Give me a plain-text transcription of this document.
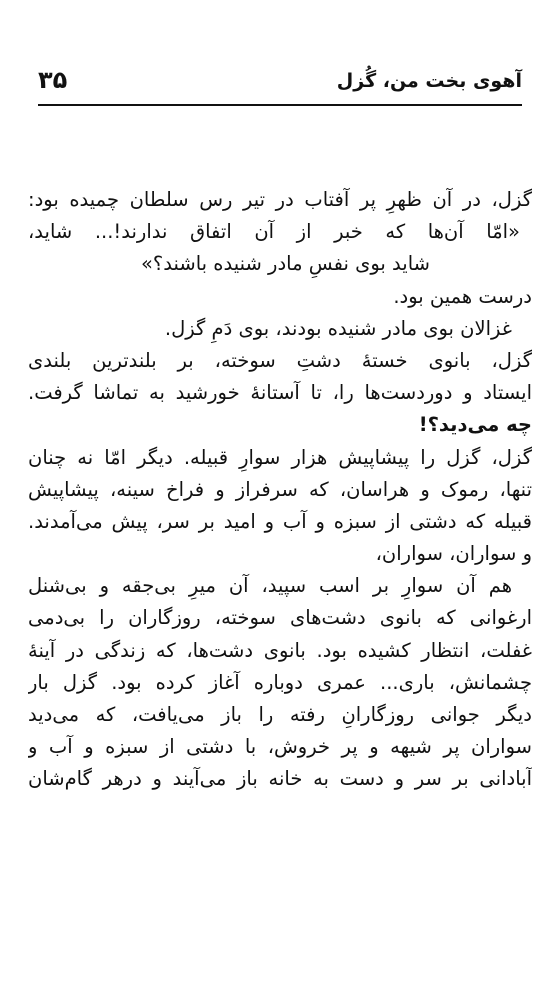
آهوی بخت من، گُزل
۳۵
گزل، در آن ظهرِ پر آفتاب در تیر رس سلطان چمیده بود:
«امّا آن‌ها که خبر از آن اتفاق ندارند!... شاید،
شاید بوی نفسِ مادر شنیده باشند؟»
درست همین بود.
غزالان بوی مادر شنیده بودند، بوی دَمِ گزل.
گزل، بانوی خستهٔ دشتِ سوخته، بر بلندترین بلندی
ایستاد و دوردست‌ها را، تا آستانهٔ خورشید به تماشا گرفت.
چه می‌دید؟!
گزل، گزل را پیشاپیش هزار سوارِ قبیله. دیگر امّا نه چنان
تنها، رموک و هراسان، که سرفراز و فراخ سینه، پیشاپیش
قبیله که دشتی از سبزه و آب و امید بر سر، پیش می‌آمدند.
و سواران، سواران،
هم آن سوارِ بر اسب سپید، آن میرِ بی‌جقه و بی‌شنل
ارغوانی که بانوی دشت‌های سوخته، روزگاران را بی‌دمی
غفلت، انتظار کشیده بود. بانوی دشت‌ها، که زندگی در آینهٔ
چشمانش، باری... عمری دوباره آغاز کرده بود. گزل بار
دیگر جوانی روزگارانِ رفته را باز می‌یافت، که می‌دید
سواران پر شیهه و پر خروش، با دشتی از سبزه و آب و
آبادانی بر سر و دست به خانه باز می‌آیند و درهر گام‌شان
